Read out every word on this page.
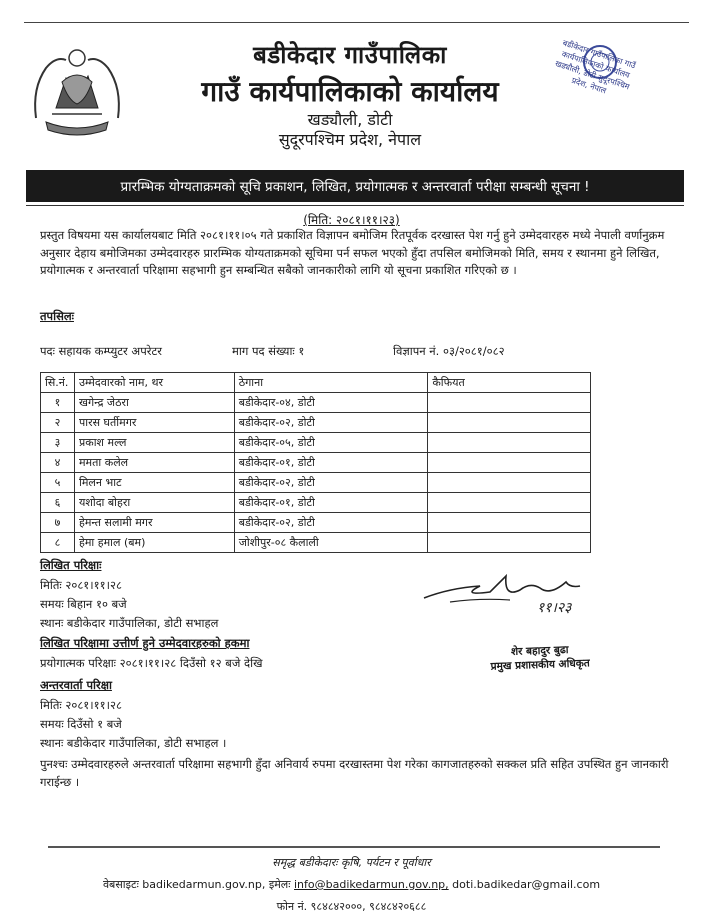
बडीकेदार गाउँपालिका गाउँ कार्यपालिकाको कार्यालय खड्यौली, डोटी सुदूरपश्चिम प्रदेश, नेपाल
बडीकेदार गाउँपालिका
गाउँ कार्यपालिकाको कार्यालय
खड्यौली, डोटी
सुदूरपश्चिम प्रदेश, नेपाल
प्रारम्भिक योग्यताक्रमको सूचि प्रकाशन, लिखित, प्रयोगात्मक र अन्तरवार्ता परीक्षा सम्बन्धी सूचना !
(मिति: २०८१।११।२३)
प्रस्तुत विषयमा यस कार्यालयबाट मिति २०८१।११।०५ गते प्रकाशित विज्ञापन बमोजिम रितपूर्वक दरखास्त पेश गर्नु हुने उम्मेदवारहरु मध्ये नेपाली वर्णानुक्रम अनुसार देहाय बमोजिमका उम्मेदवारहरु प्रारम्भिक योग्यताक्रमको सूचिमा पर्न सफल भएको हुँदा तपसिल बमोजिमको मिति, समय र स्थानमा हुने लिखित, प्रयोगात्मक र अन्तरवार्ता परिक्षामा सहभागी हुन सम्बन्धित सबैको जानकारीको लागि यो सूचना प्रकाशित गरिएको छ ।
तपसिलः
पदः सहायक कम्प्युटर अपरेटर	माग पद संख्याः १	विज्ञापन नं. ०३/२०८१/०८२
सि.नं.	उम्मेदवारको नाम, थर	ठेगाना	कैफियत
१	खगेन्द्र जेठरा	बडीकेदार-०४, डोटी	
२	पारस घर्तीमगर	बडीकेदार-०२, डोटी	
३	प्रकाश मल्ल	बडीकेदार-०५, डोटी	
४	ममता कलेल	बडीकेदार-०१, डोटी	
५	मिलन भाट	बडीकेदार-०२, डोटी	
६	यशोदा बोहरा	बडीकेदार-०१, डोटी	
७	हेमन्त सलामी मगर	बडीकेदार-०२, डोटी	
८	हेमा हमाल (बम)	जोशीपुर-०८ कैलाली	
लिखित परिक्षाः
मितिः २०८१।११।२८
समयः बिहान १० बजे
स्थानः बडीकेदार गाउँपालिका, डोटी सभाहल
लिखित परिक्षामा उत्तीर्ण हुने उम्मेदवारहरुको हकमा
प्रयोगात्मक परिक्षाः २०८१।११।२८ दिउँसो १२ बजे देखि
अन्तरवार्ता परिक्षा
मितिः २०८१।११।२८
समयः दिउँसो १ बजे
स्थानः बडीकेदार गाउँपालिका, डोटी सभाहल ।
पुनश्चः उम्मेदवारहरुले अन्तरवार्ता परिक्षामा सहभागी हुँदा अनिवार्य रुपमा दरखास्तमा पेश गरेका कागजातहरुको सक्कल प्रति सहित उपस्थित हुन जानकारी गराईन्छ ।
११।२३
शेर बहादुर बुढा
प्रमुख प्रशासकीय अधिकृत
समृद्ध बडीकेदारः कृषि, पर्यटन र पूर्वाधार
वेबसाइटः badikedarmun.gov.np, इमेलः info@badikedarmun.gov.np, doti.badikedar@gmail.com
फोन नं. ९८४८४२०००, ९८४८४२०६८८
